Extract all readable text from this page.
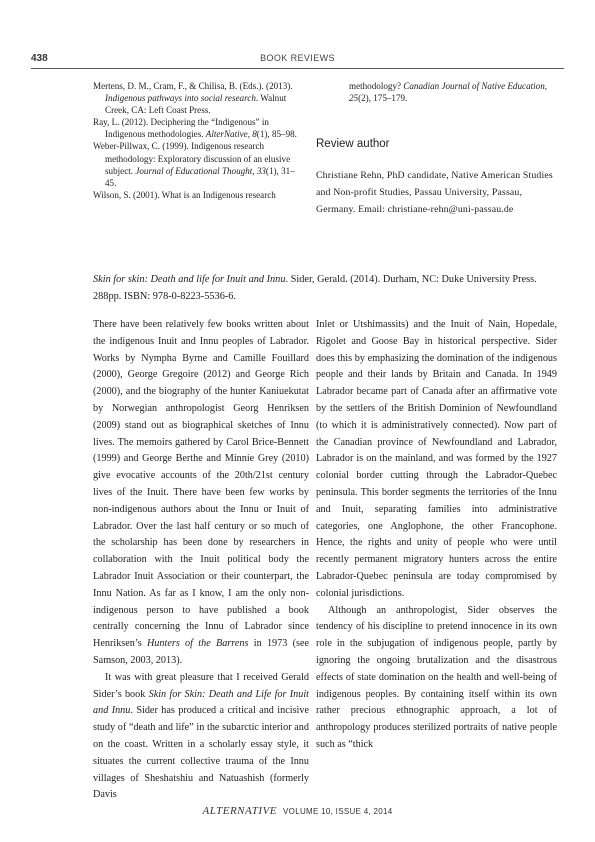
438	BOOK REVIEWS

Mertens, D. M., Cram, F., & Chilisa, B. (Eds.). (2013). Indigenous pathways into social research. Walnut Creek, CA: Left Coast Press.

Ray, L. (2012). Deciphering the “Indigenous” in Indigenous methodologies. AlterNative, 8(1), 85–98.

Weber-Pillwax, C. (1999). Indigenous research methodology: Exploratory discussion of an elusive subject. Journal of Educational Thought, 33(1), 31–45.

Wilson, S. (2001). What is an Indigenous research

methodology? Canadian Journal of Native Education, 25(2), 175–179.

Review author
Christiane Rehn, PhD candidate, Native American Studies and Non-profit Studies, Passau University, Passau, Germany. Email: christiane-rehn@uni-passau.de
Skin for skin: Death and life for Inuit and Innu. Sider, Gerald. (2014). Durham, NC: Duke University Press. 288pp. ISBN: 978-0-8223-5536-6.

There have been relatively few books written about the indigenous Inuit and Innu peoples of Labrador. Works by Nympha Byrne and Camille Fouillard (2000), George Gregoire (2012) and George Rich (2000), and the biography of the hunter Kaniuekutat by Norwegian anthropologist Georg Henriksen (2009) stand out as biographical sketches of Innu lives. The memoirs gathered by Carol Brice-Bennett (1999) and George Berthe and Minnie Grey (2010) give evocative accounts of the 20th/21st century lives of the Inuit. There have been few works by non-indigenous authors about the Innu or Inuit of Labrador. Over the last half century or so much of the scholarship has been done by researchers in collaboration with the Inuit political body the Labrador Inuit Association or their counterpart, the Innu Nation. As far as I know, I am the only non-indigenous person to have published a book centrally concerning the Innu of Labrador since Henriksen’s Hunters of the Barrens in 1973 (see Samson, 2003, 2013).

It was with great pleasure that I received Gerald Sider’s book Skin for Skin: Death and Life for Inuit and Innu. Sider has produced a critical and incisive study of “death and life” in the subarctic interior and on the coast. Written in a scholarly essay style, it situates the current collective trauma of the Innu villages of Sheshatshiu and Natuashish (formerly Davis

Inlet or Utshimassits) and the Inuit of Nain, Hopedale, Rigolet and Goose Bay in historical perspective. Sider does this by emphasizing the domination of the indigenous people and their lands by Britain and Canada. In 1949 Labrador became part of Canada after an affirmative vote by the settlers of the British Dominion of Newfoundland (to which it is administratively connected). Now part of the Canadian province of Newfoundland and Labrador, Labrador is on the mainland, and was formed by the 1927 colonial border cutting through the Labrador-Quebec peninsula. This border segments the territories of the Innu and Inuit, separating families into administrative categories, one Anglophone, the other Francophone. Hence, the rights and unity of people who were until recently permanent migratory hunters across the entire Labrador-Quebec peninsula are today compromised by colonial jurisdictions.

Although an anthropologist, Sider observes the tendency of his discipline to pretend innocence in its own role in the subjugation of indigenous people, partly by ignoring the ongoing brutalization and the disastrous effects of state domination on the health and well-being of indigenous peoples. By containing itself within its own rather precious ethnographic approach, a lot of anthropology produces sterilized portraits of native people such as “thick

ALTERNATIVE VOLUME 10, ISSUE 4, 2014
